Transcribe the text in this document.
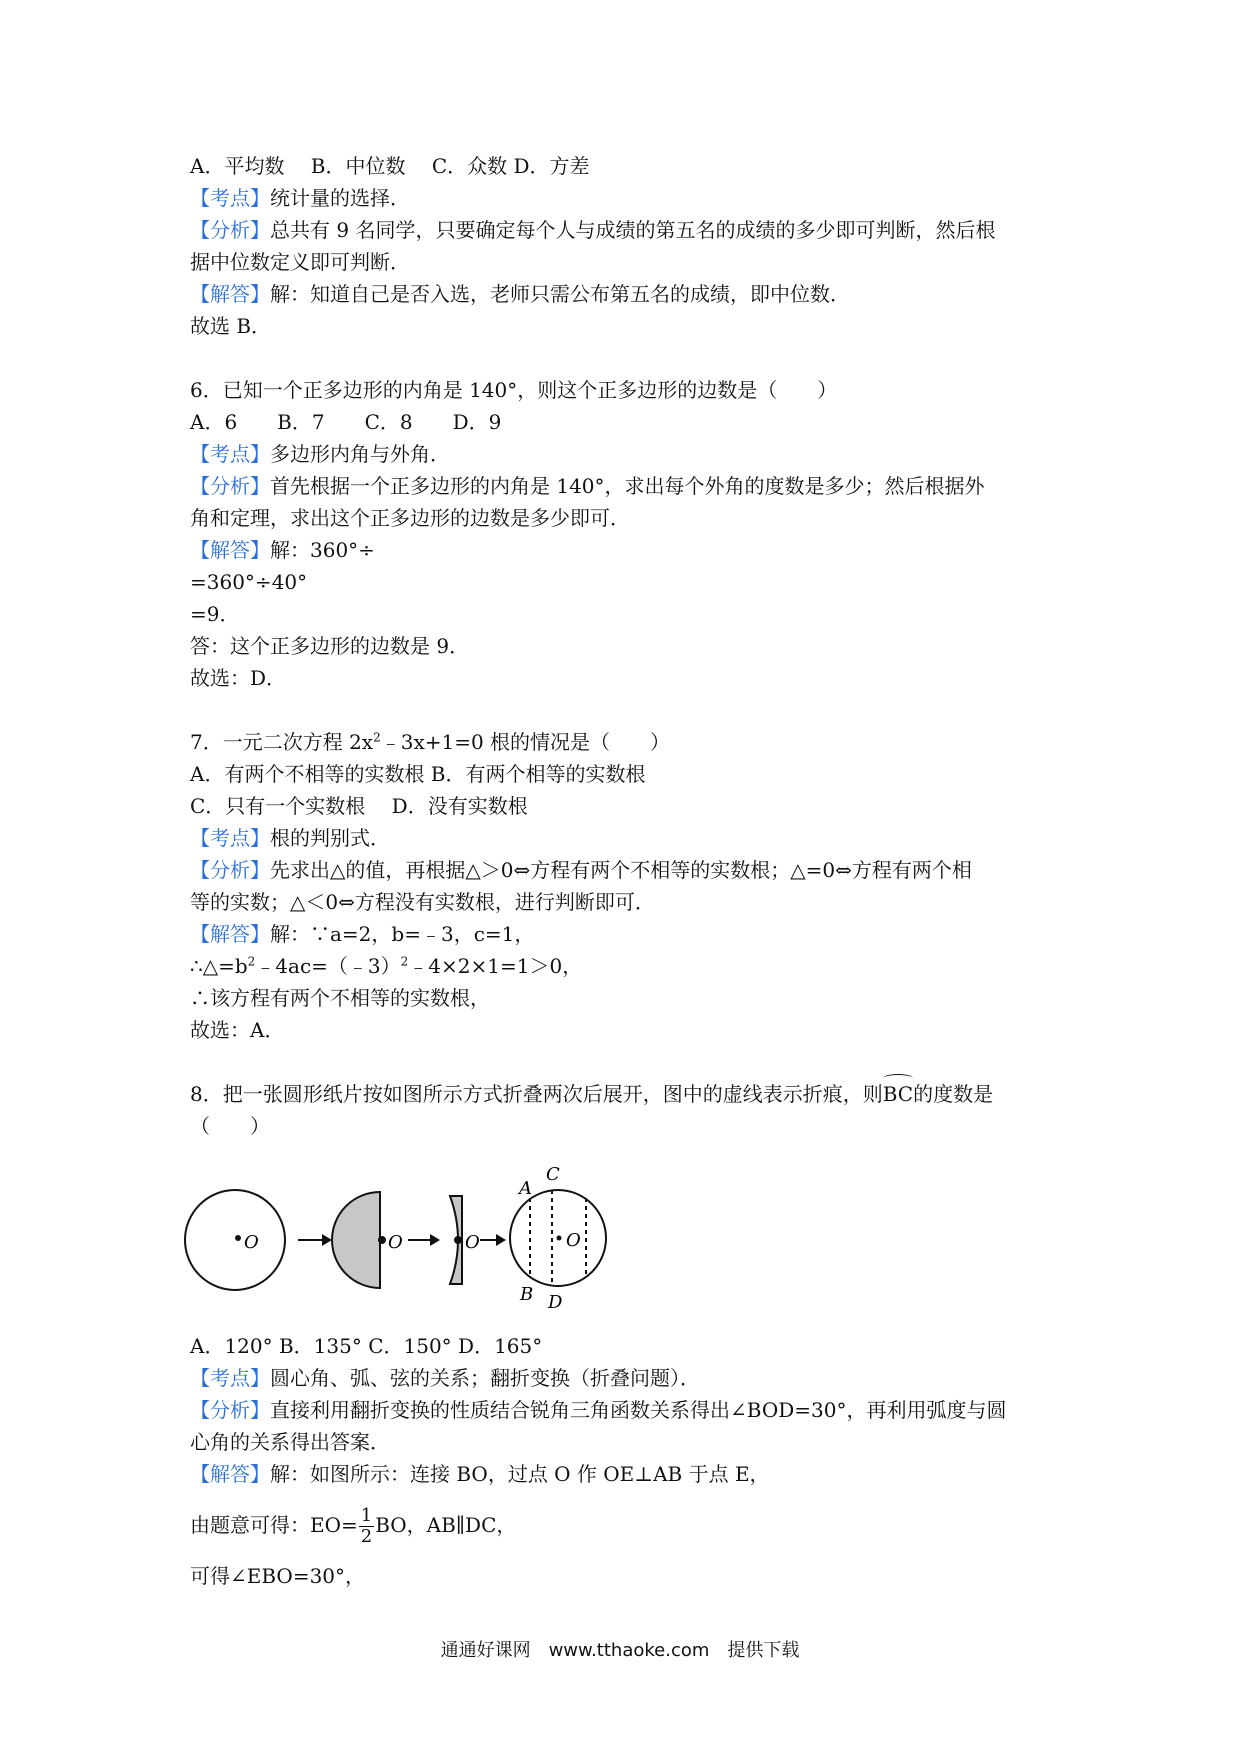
A．平均数　 B．中位数　 C．众数 D．方差
【考点】统计量的选择．
【分析】总共有 9 名同学，只要确定每个人与成绩的第五名的成绩的多少即可判断，然后根
据中位数定义即可判断．
【解答】解：知道自己是否入选，老师只需公布第五名的成绩，即中位数．
故选 B．
6．已知一个正多边形的内角是 140°，则这个正多边形的边数是（　　）
A．6　　B．7　　C．8　　D．9
【考点】多边形内角与外角．
【分析】首先根据一个正多边形的内角是 140°，求出每个外角的度数是多少；然后根据外
角和定理，求出这个正多边形的边数是多少即可．
【解答】解：360°÷
=360°÷40°
=9．
答：这个正多边形的边数是 9．
故选：D．
7．一元二次方程 $2x^2﹣3x+1=0$ 根的情况是（　　）
A．有两个不相等的实数根 B．有两个相等的实数根
C．只有一个实数根　 D．没有实数根
【考点】根的判别式．
【分析】先求出△的值，再根据△＞0⇔方程有两个不相等的实数根；△=0⇔方程有两个相
等的实数；△＜0⇔方程没有实数根，进行判断即可．
【解答】解：∵a=2，b=﹣3，c=1，
$\therefore\triangle=b^2﹣4ac=(﹣3)^2﹣4\times 2\times 1=1>0$，
∴该方程有两个不相等的实数根，
故选：A．
8．把一张圆形纸片按如图所示方式折叠两次后展开，图中的虚线表示折痕，则BC的度数是
（　　）
O	O	O	O
A
C
B D
A．120° B．135° C．150° D．165°
【考点】圆心角、弧、弦的关系；翻折变换（折叠问题）．
【分析】直接利用翻折变换的性质结合锐角三角函数关系得出∠BOD=30°，再利用弧度与圆
心角的关系得出答案．
【解答】解：如图所示：连接 BO，过点 O 作 OE⊥AB 于点 E，
由题意可得：$EO= \frac{1}{2}$ BO，AB∥DC，
可得∠EBO=30°，
通通好课网　www.tthaoke.com　提供下载
